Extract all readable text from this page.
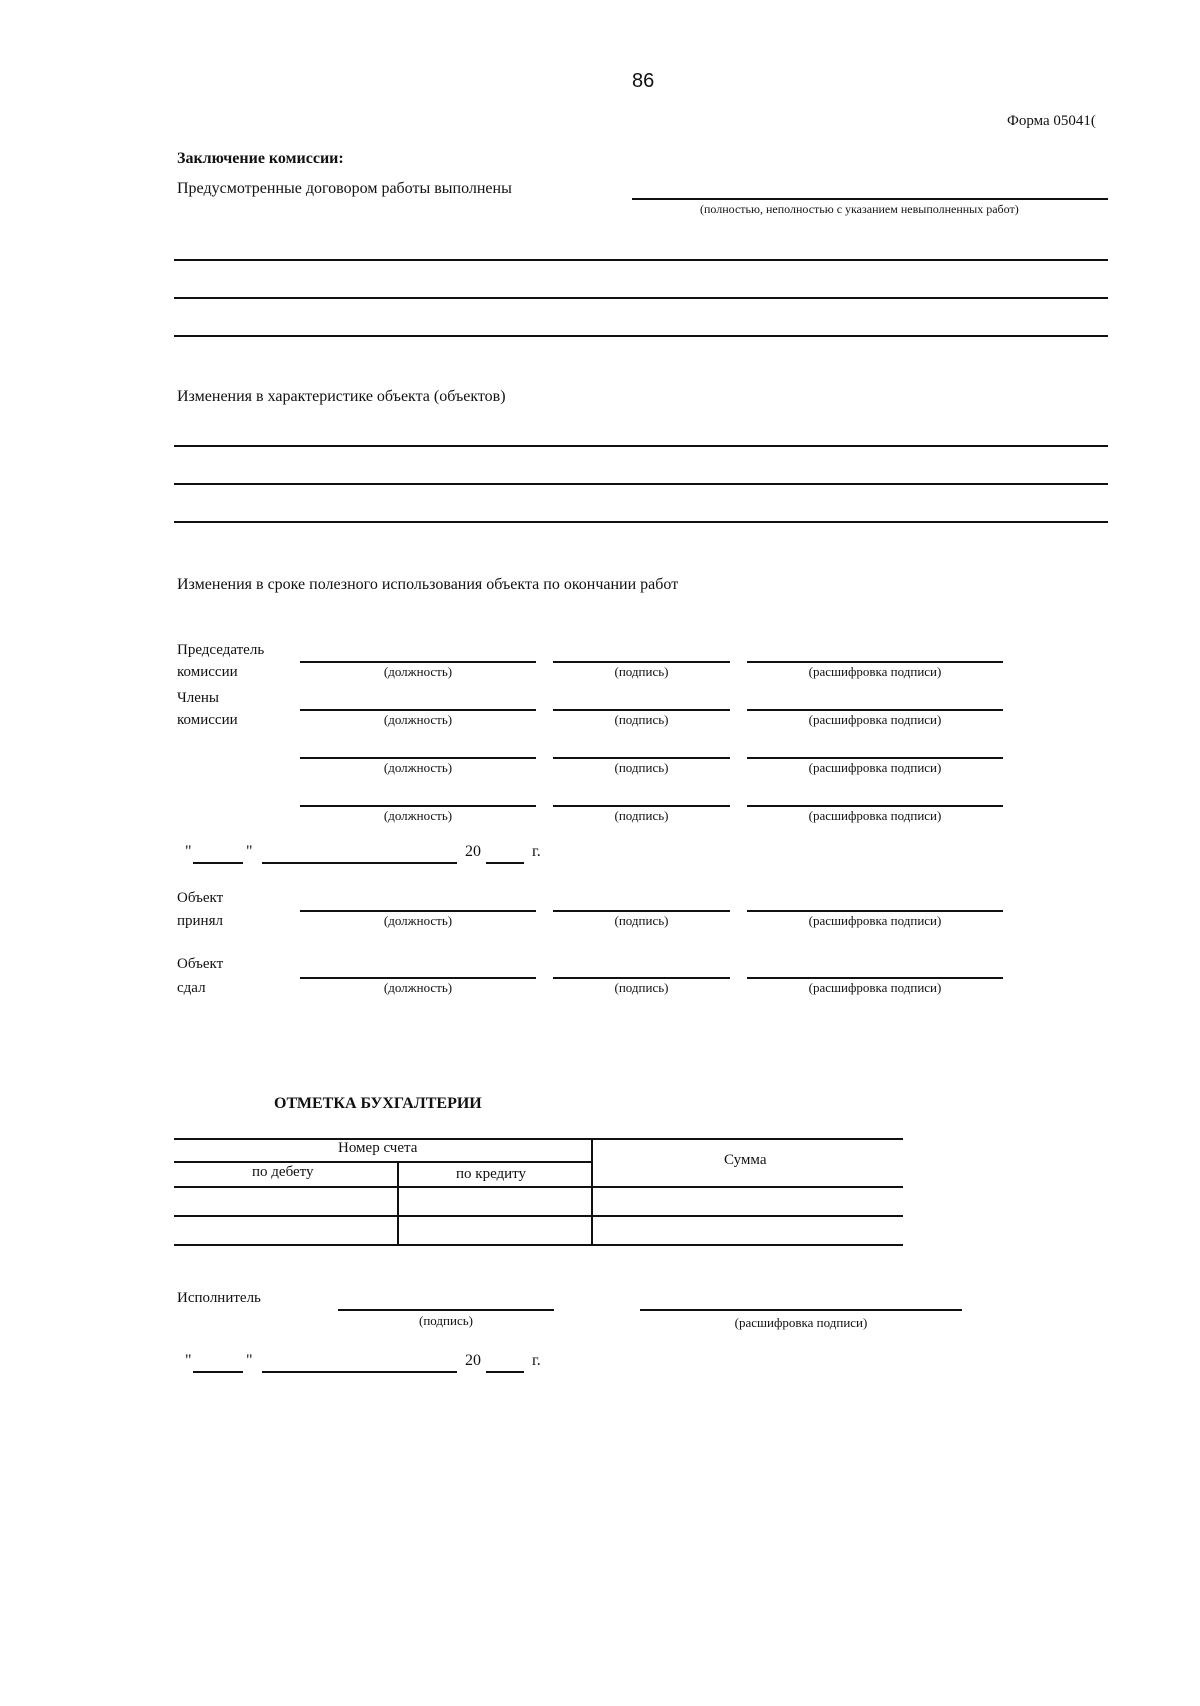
86
Форма 05041(
Заключение комиссии:
Предусмотренные договором работы выполнены
(полностью, неполностью с указанием невыполненных работ)
Изменения в характеристике объекта (объектов)
Изменения в сроке полезного использования объекта по окончании работ
Председатель
комиссии	(должность)	(подпись)	(расшифровка подписи)
Члены
комиссии	(должность)	(подпись)	(расшифровка подписи)
(должность)	(подпись)	(расшифровка подписи)
(должность)	(подпись)	(расшифровка подписи)
"	"	20	г.
Объект
принял	(должность)	(подпись)	(расшифровка подписи)
Объект
сдал	(должность)	(подпись)	(расшифровка подписи)
ОТМЕТКА БУХГАЛТЕРИИ
Номер счета
по дебету	по кредиту
Сумма
Исполнитель
(подпись)	(расшифровка подписи)
"	"	20	г.
